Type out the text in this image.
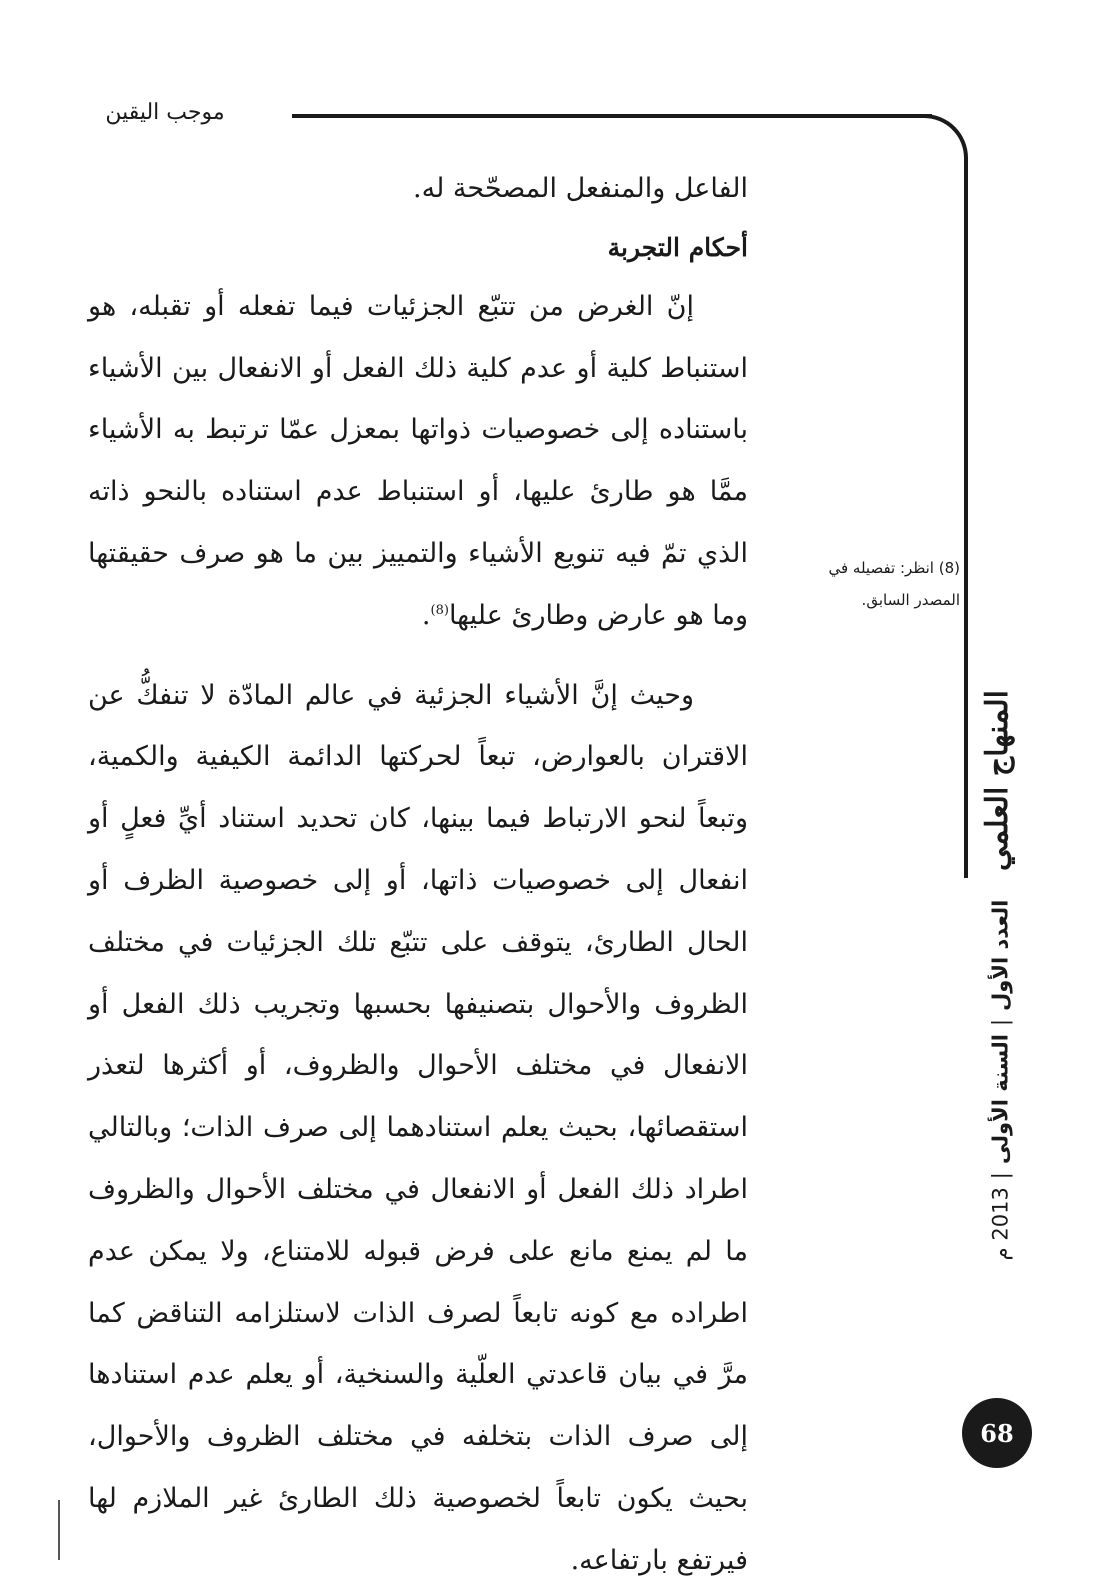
موجب اليقين

الفاعل والمنفعل المصحّحة له.

أحكام التجربة

إنّ الغرض من تتبّع الجزئيات فيما تفعله أو تقبله، هو استنباط كلية أو عدم كلية ذلك الفعل أو الانفعال بين الأشياء باستناده إلى خصوصيات ذواتها بمعزل عمّا ترتبط به الأشياء ممَّا هو طارئ عليها، أو استنباط عدم استناده بالنحو ذاته الذي تمّ فيه تنويع الأشياء والتمييز بين ما هو صرف حقيقتها وما هو عارض وطارئ عليها$^{(8)}$.

وحيث إنَّ الأشياء الجزئية في عالم المادّة لا تنفكُّ عن الاقتران بالعوارض، تبعاً لحركتها الدائمة الكيفية والكمية، وتبعاً لنحو الارتباط فيما بينها، كان تحديد استناد أيِّ فعلٍ أو انفعال إلى خصوصيات ذاتها، أو إلى خصوصية الظرف أو الحال الطارئ، يتوقف على تتبّع تلك الجزئيات في مختلف الظروف والأحوال بتصنيفها بحسبها وتجريب ذلك الفعل أو الانفعال في مختلف الأحوال والظروف، أو أكثرها لتعذر استقصائها، بحيث يعلم استنادهما إلى صرف الذات؛ وبالتالي اطراد ذلك الفعل أو الانفعال في مختلف الأحوال والظروف ما لم يمنع مانع على فرض قبوله للامتناع، ولا يمكن عدم اطراده مع كونه تابعاً لصرف الذات لاستلزامه التناقض كما مرَّ في بيان قاعدتي العلّية والسنخية، أو يعلم عدم استنادها إلى صرف الذات بتخلفه في مختلف الظروف والأحوال، بحيث يكون تابعاً لخصوصية ذلك الطارئ غير الملازم لها فيرتفع بارتفاعه.

(8) انظر: تفصيله في المصدر السابق.
المنهاج العلمي
العدد الأول
|
السنة الأولى
|
2013 م
68
